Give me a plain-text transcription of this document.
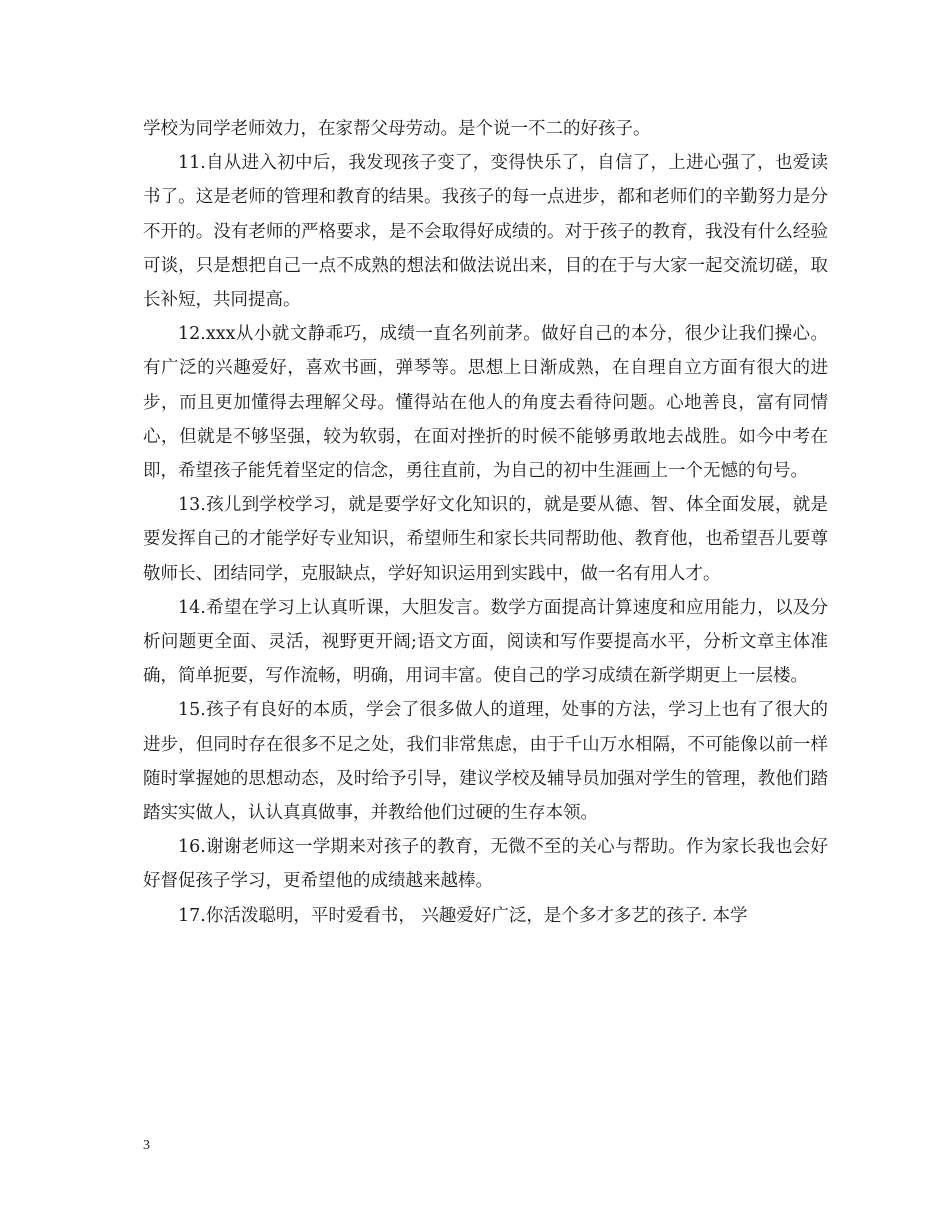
学校为同学老师效力，在家帮父母劳动。是个说一不二的好孩子。

11.自从进入初中后，我发现孩子变了，变得快乐了，自信了，上进心强了，也爱读书了。这是老师的管理和教育的结果。我孩子的每一点进步，都和老师们的辛勤努力是分不开的。没有老师的严格要求，是不会取得好成绩的。对于孩子的教育，我没有什么经验可谈，只是想把自己一点不成熟的想法和做法说出来，目的在于与大家一起交流切磋，取长补短，共同提高。

12.xxx从小就文静乖巧，成绩一直名列前茅。做好自己的本分，很少让我们操心。有广泛的兴趣爱好，喜欢书画，弹琴等。思想上日渐成熟，在自理自立方面有很大的进步，而且更加懂得去理解父母。懂得站在他人的角度去看待问题。心地善良，富有同情心，但就是不够坚强，较为软弱，在面对挫折的时候不能够勇敢地去战胜。如今中考在即，希望孩子能凭着坚定的信念，勇往直前，为自己的初中生涯画上一个无憾的句号。

13.孩儿到学校学习，就是要学好文化知识的，就是要从德、智、体全面发展，就是要发挥自己的才能学好专业知识，希望师生和家长共同帮助他、教育他，也希望吾儿要尊敬师长、团结同学，克服缺点，学好知识运用到实践中，做一名有用人才。

14.希望在学习上认真听课，大胆发言。数学方面提高计算速度和应用能力，以及分析问题更全面、灵活，视野更开阔;语文方面，阅读和写作要提高水平，分析文章主体准确，简单扼要，写作流畅，明确，用词丰富。使自己的学习成绩在新学期更上一层楼。

15.孩子有良好的本质，学会了很多做人的道理，处事的方法，学习上也有了很大的进步，但同时存在很多不足之处，我们非常焦虑，由于千山万水相隔，不可能像以前一样随时掌握她的思想动态，及时给予引导，建议学校及辅导员加强对学生的管理，教他们踏踏实实做人，认认真真做事，并教给他们过硬的生存本领。

16.谢谢老师这一学期来对孩子的教育，无微不至的关心与帮助。作为家长我也会好好督促孩子学习，更希望他的成绩越来越棒。

17.你活泼聪明，平时爱看书， 兴趣爱好广泛，是个多才多艺的孩子. 本学

3
